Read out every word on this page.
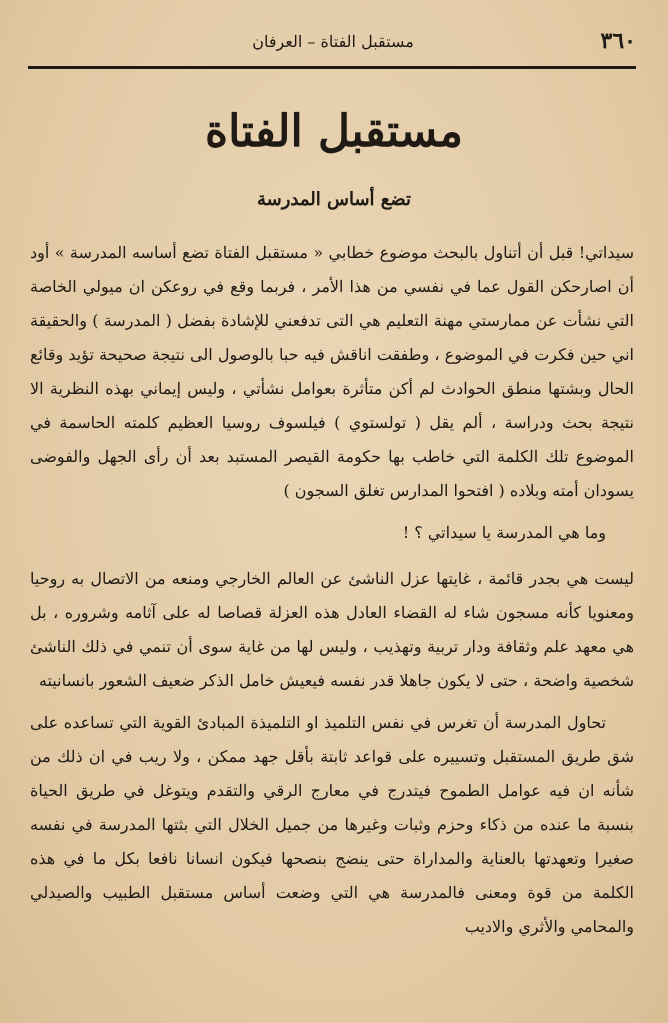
٣٦٠
مستقبل الفتاة – العرفان
مستقبل الفتاة
تضع أساس المدرسة

سيداتي! قبل أن أتناول بالبحث موضوع خطابي « مستقبل الفتاة تضع أساسه المدرسة » أود أن اصارحكن القول عما في نفسي من هذا الأمر ، فربما وقع في روعكن ان ميولي الخاصة التي نشأت عن ممارستي مهنة التعليم هي التى تدفعني للإشادة بفضل ( المدرسة ) والحقيقة اني حين فكرت في الموضوع ، وطفقت اناقش فيه حبا بالوصول الى نتيجة صحيحة تؤيد وقائع الحال وبشتها منطق الحوادث لم أكن متأثرة بعوامل نشأتي ، وليس إيماني بهذه النظرية الا نتيجة بحث ودراسة ، ألم يقل ( تولستوي ) فيلسوف روسيا العظيم كلمته الحاسمة في الموضوع تلك الكلمة التي خاطب بها حكومة القيصر المستبد بعد أن رأى الجهل والفوضى يسودان أمته وبلاده ( افتحوا المدارس تغلق السجون )

وما هي المدرسة يا سيداتي ؟ !

ليست هي بجدر قائمة ، غايتها عزل الناشئ عن العالم الخارجي ومنعه من الاتصال به روحيا ومعنويا كأنه مسجون شاء له القضاء العادل هذه العزلة قصاصا له على آثامه وشروره ، بل هي معهد علم وثقافة ودار تربية وتهذيب ، وليس لها من غاية سوى أن تنمي في ذلك الناشئ شخصية واضحة ، حتى لا يكون جاهلا قدر نفسه فيعيش خامل الذكر ضعيف الشعور بانسانيته

تحاول المدرسة أن تغرس في نفس التلميذ او التلميذة المبادئ القوية التي تساعده على شق طريق المستقبل وتسييره على قواعد ثابتة بأقل جهد ممكن ، ولا ريب في ان ذلك من شأنه ان فيه عوامل الطموح فيتدرج في معارج الرقي والتقدم ويتوغل في طريق الحياة بنسبة ما عنده من ذكاء وحزم وثبات وغيرها من جميل الخلال التي بثتها المدرسة في نفسه صغيرا وتعهدتها بالعناية والمداراة حتى ينضج بنصحها فيكون انسانا نافعا بكل ما في هذه الكلمة من قوة ومعنى فالمدرسة هي التي وضعت أساس مستقبل الطبيب والصيدلي والمحامي والأثري والاديب
